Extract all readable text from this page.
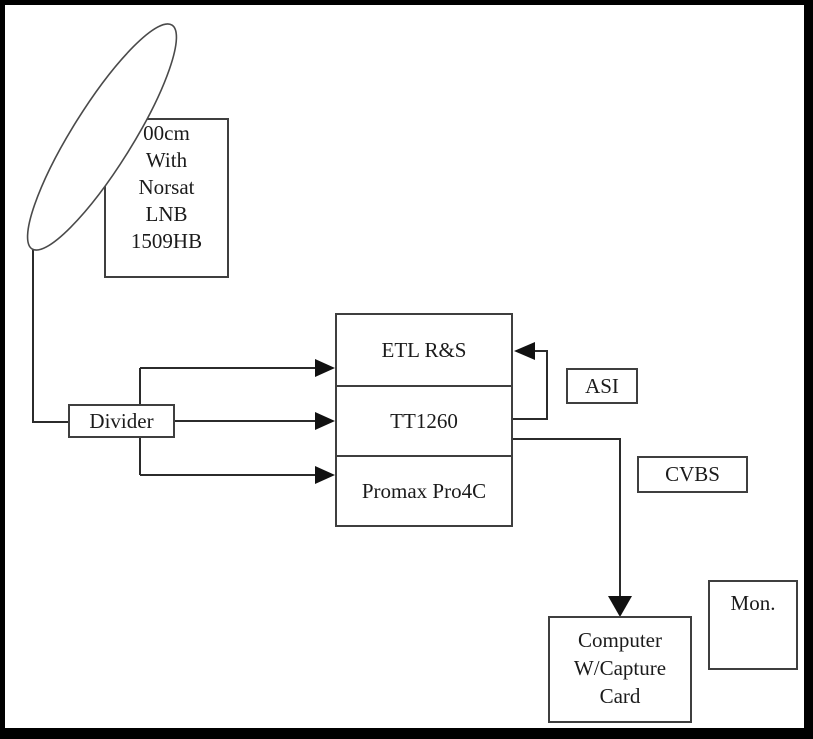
00cm
With
Norsat
LNB
1509HB
Divider
ETL R&S
TT1260
Promax Pro4C
ASI
CVBS
Computer
W/Capture
Card
Mon.
